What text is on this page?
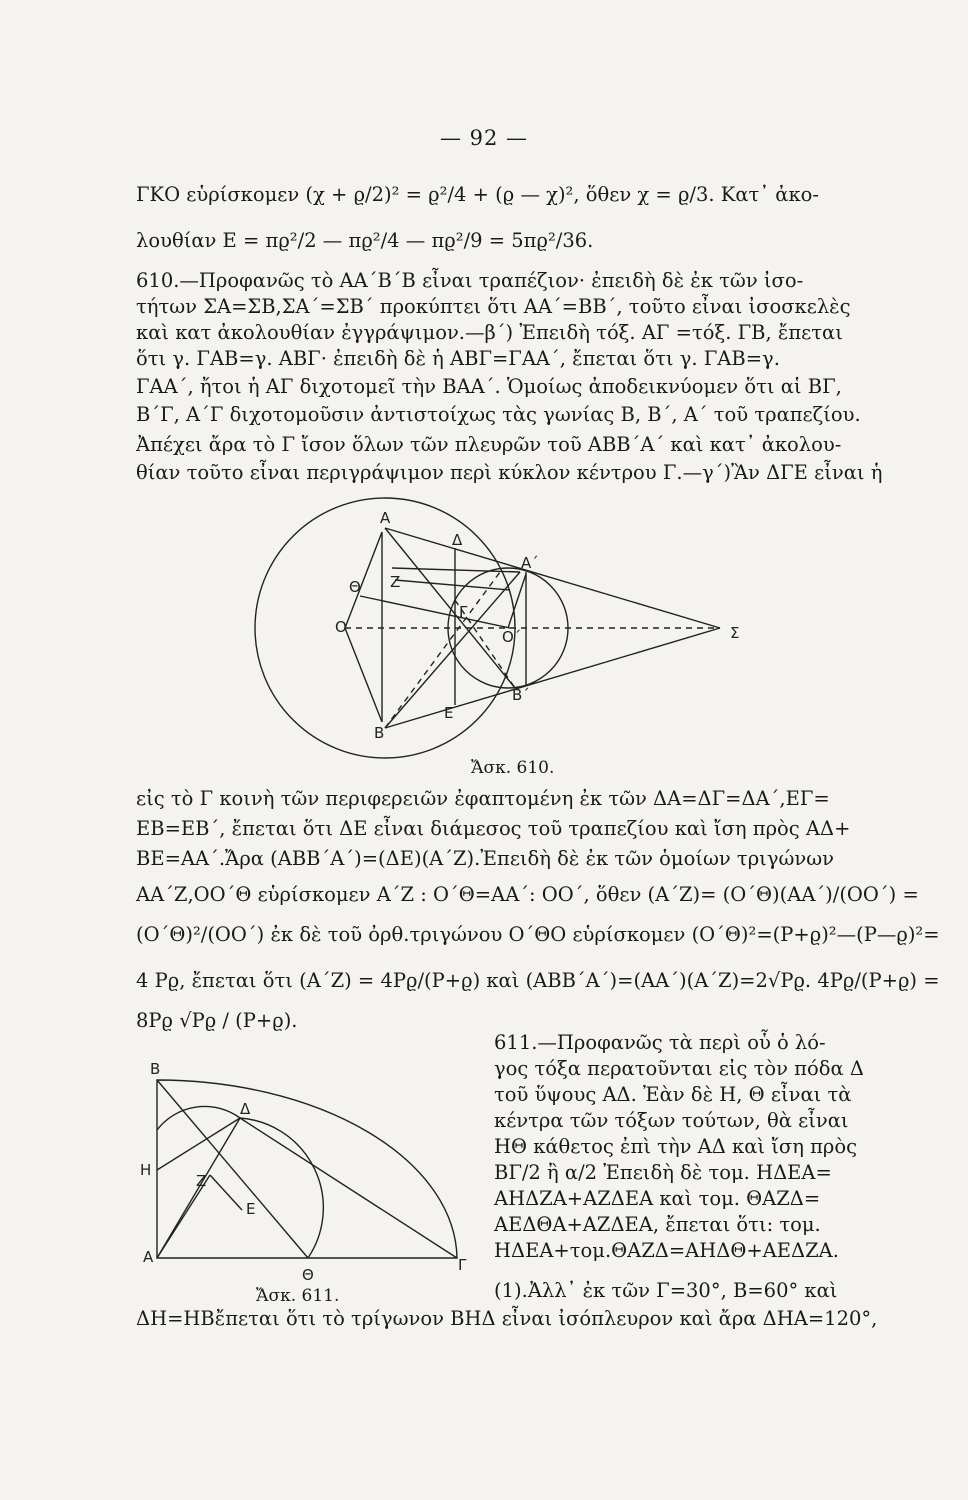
— 92 —
ΓΚΟ εὑρίσκομεν (χ + ϱ/2)² = ϱ²/4 + (ϱ — χ)², ὅθεν χ = ϱ/3. Κατ᾿ ἀκο-
λουθίαν Ε = πϱ²/2 — πϱ²/4 — πϱ²/9 = 5πϱ²/36.
610.—Προφανῶς τὸ ΑΑ΄Β΄Β εἶναι τραπέζιον· ἐπειδὴ δὲ ἐκ τῶν ἰσο-
τήτων ΣΑ=ΣΒ,ΣΑ΄=ΣΒ΄ προκύπτει ὅτι ΑΑ΄=ΒΒ΄, τοῦτο εἶναι ἰσοσκελὲς
καὶ κατ ἀκολουθίαν ἐγγράψιμον.—β΄) Ἐπειδὴ τόξ. ΑΓ =τόξ. ΓΒ, ἔπεται
ὅτι γ. ΓΑΒ=γ. ΑΒΓ· ἐπειδὴ δὲ ἡ ΑΒΓ=ΓΑΑ΄, ἔπεται ὅτι γ. ΓΑΒ=γ.
ΓΑΑ΄, ἤτοι ἡ ΑΓ διχοτομεῖ τὴν ΒΑΑ΄. Ὁμοίως ἀποδεικνύομεν ὅτι αἱ ΒΓ,
Β΄Γ, Α΄Γ διχοτομοῦσιν ἀντιστοίχως τὰς γωνίας Β, Β΄, Α΄ τοῦ τραπεζίου.
Ἀπέχει ἄρα τὸ Γ ἴσον ὅλων τῶν πλευρῶν τοῦ ΑΒΒ΄Α΄ καὶ κατ᾿ ἀκολου-
θίαν τοῦτο εἶναι περιγράψιμον περὶ κύκλον κέντρου Γ.—γ΄)Ἂν ΔΓΕ εἶναι ἡ
A
Δ
A΄
Θ Z
Γ
O
O΄	Σ
B΄
E
B
Ἄσκ. 610.
εἰς τὸ Γ κοινὴ τῶν περιφερειῶν ἐφαπτομένη ἐκ τῶν ΔΑ=ΔΓ=ΔΑ΄,ΕΓ=
ΕΒ=ΕΒ΄, ἔπεται ὅτι ΔΕ εἶναι διάμεσος τοῦ τραπεζίου καὶ ἴση πρὸς ΑΔ+
ΒΕ=ΑΑ΄.Ἄρα (ΑΒΒ΄Α΄)=(ΔΕ)(Α΄Ζ).Ἐπειδὴ δὲ ἐκ τῶν ὁμοίων τριγώνων
ΑΑ΄Ζ,ΟΟ΄Θ εὑρίσκομεν Α΄Ζ : Ο΄Θ=ΑΑ΄: ΟΟ΄, ὅθεν (Α΄Ζ)= (Ο΄Θ)(ΑΑ΄)/(ΟΟ΄) =
(Ο΄Θ)²/(ΟΟ΄) ἐκ δὲ τοῦ ὀρθ.τριγώνου Ο΄ΘΟ εὑρίσκομεν (Ο΄Θ)²=(Ρ+ϱ)²—(Ρ—ϱ)²=
4 Ρϱ, ἔπεται ὅτι (Α΄Ζ) = 4Ρϱ/(Ρ+ϱ) καὶ (ΑΒΒ΄Α΄)=(ΑΑ΄)(Α΄Ζ)=2√Ρϱ. 4Ρϱ/(Ρ+ϱ) =
8Ρϱ √Ρϱ / (Ρ+ϱ).
B
Δ
H
Z
E
A
Θ
Γ
Ἄσκ. 611.
611.—Προφανῶς τὰ περὶ οὗ ὁ λό-
γος τόξα περατοῦνται εἰς τὸν πόδα Δ
τοῦ ὕψους ΑΔ. Ἐὰν δὲ Η, Θ εἶναι τὰ
κέντρα τῶν τόξων τούτων, θὰ εἶναι
ΗΘ κάθετος ἐπὶ τὴν ΑΔ καὶ ἴση πρὸς
ΒΓ/2 ἢ α/2 Ἐπειδὴ δὲ τομ. ΗΔΕΑ=
ΑΗΔΖΑ+ΑΖΔΕΑ καὶ τομ. ΘΑΖΔ=
ΑΕΔΘΑ+ΑΖΔΕΑ, ἔπεται ὅτι: τομ.
ΗΔΕΑ+τομ.ΘΑΖΔ=ΑΗΔΘ+ΑΕΔΖΑ.
(1).Ἀλλ᾿ ἐκ τῶν Γ=30°, Β=60° καὶ
ΔΗ=ΗΒἔπεται ὅτι τὸ τρίγωνον ΒΗΔ εἶναι ἰσόπλευρον καὶ ἄρα ΔΗΑ=120°,
